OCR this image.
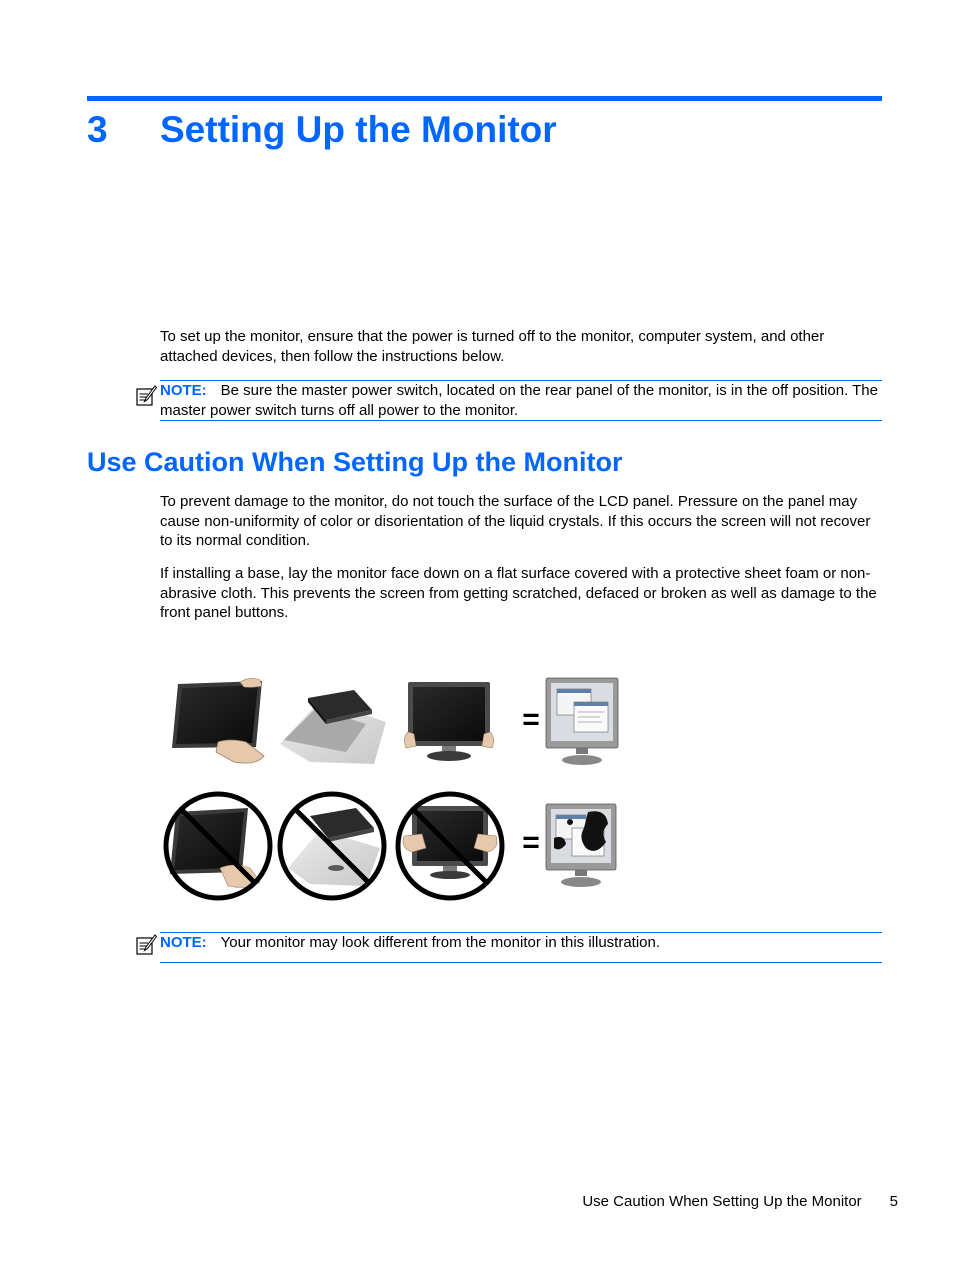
3 Setting Up the Monitor

To set up the monitor, ensure that the power is turned off to the monitor, computer system, and other attached devices, then follow the instructions below.

NOTE: Be sure the master power switch, located on the rear panel of the monitor, is in the off position. The master power switch turns off all power to the monitor.
Use Caution When Setting Up the Monitor

To prevent damage to the monitor, do not touch the surface of the LCD panel. Pressure on the panel may cause non-uniformity of color or disorientation of the liquid crystals. If this occurs the screen will not recover to its normal condition.

If installing a base, lay the monitor face down on a flat surface covered with a protective sheet foam or non-abrasive cloth. This prevents the screen from getting scratched, defaced or broken as well as damage to the front panel buttons.

=
=
NOTE: Your monitor may look different from the monitor in this illustration.
Use Caution When Setting Up the Monitor 5
